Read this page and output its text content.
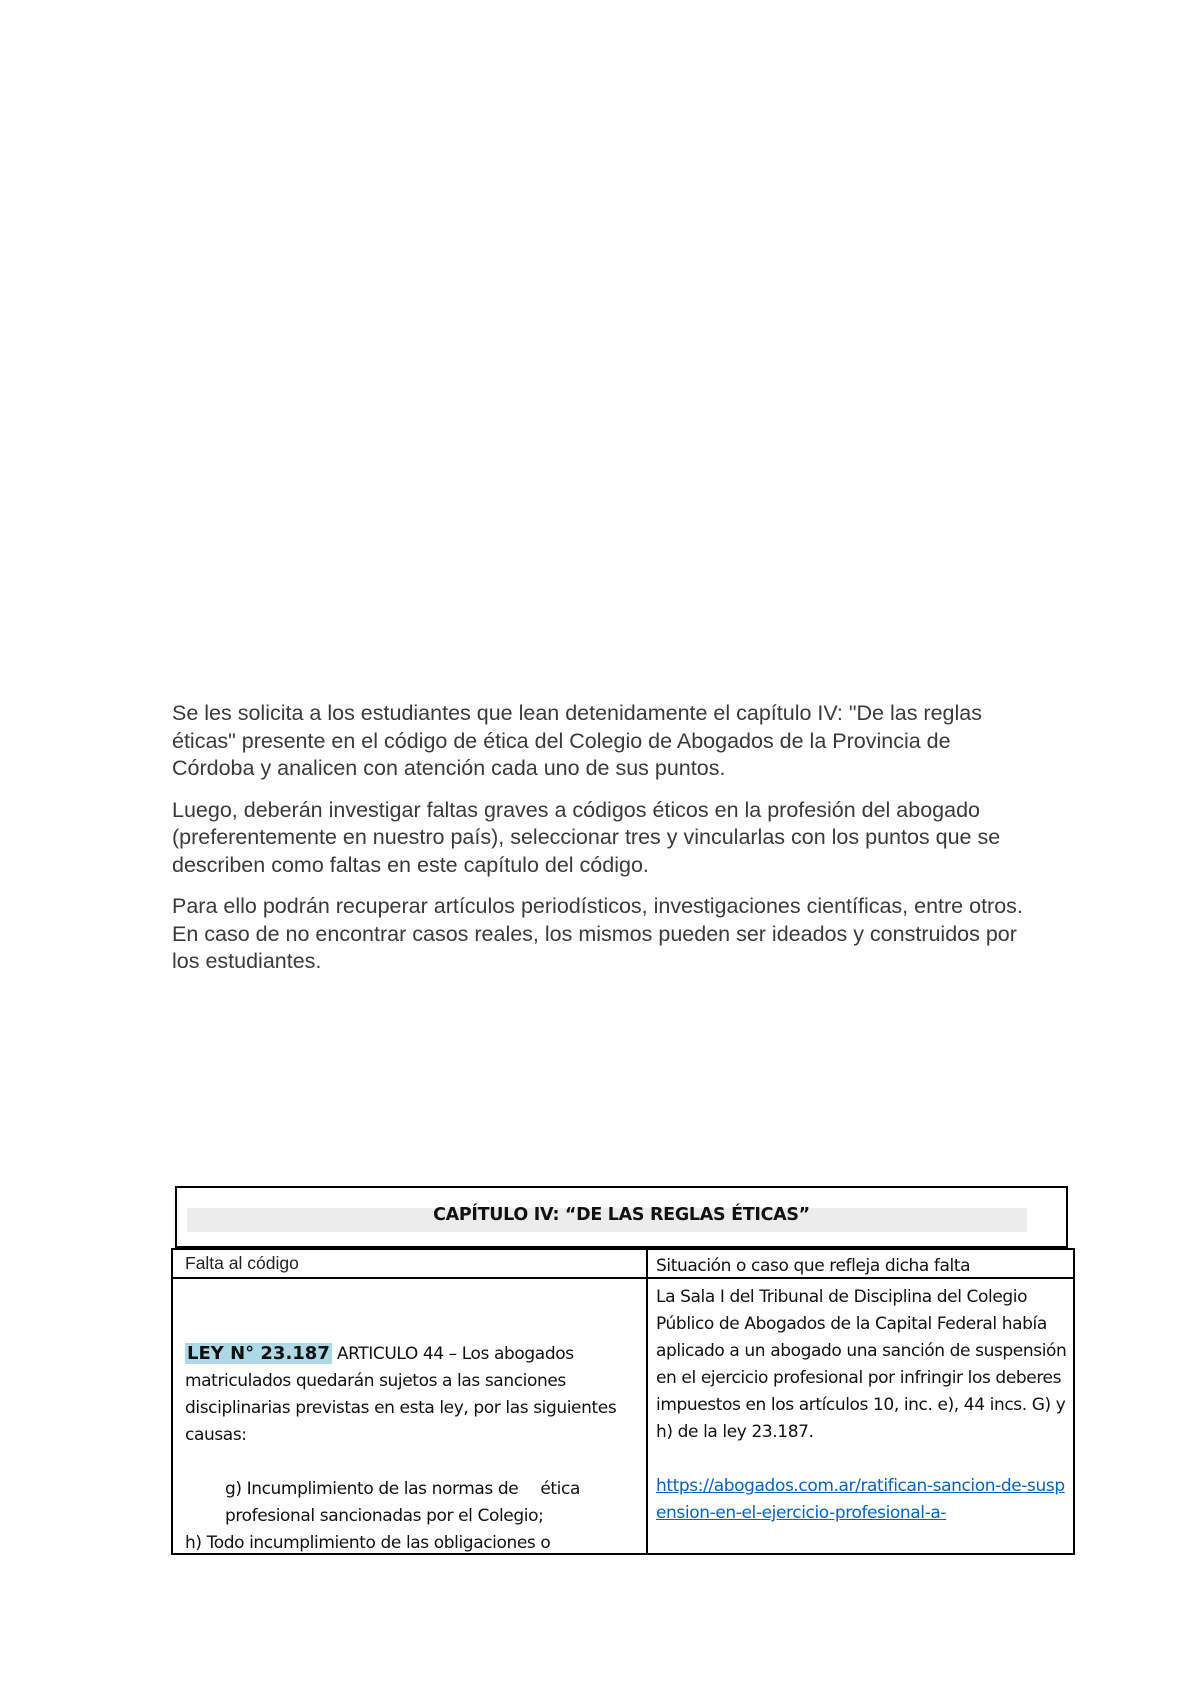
Se les solicita a los estudiantes que lean detenidamente el capítulo IV: "De las reglas éticas" presente en el código de ética del Colegio de Abogados de la Provincia de Córdoba y analicen con atención cada uno de sus puntos.

Luego, deberán investigar faltas graves a códigos éticos en la profesión del abogado (preferentemente en nuestro país), seleccionar tres y vincularlas con los puntos que se describen como faltas en este capítulo del código.

Para ello podrán recuperar artículos periodísticos, investigaciones científicas, entre otros. En caso de no encontrar casos reales, los mismos pueden ser ideados y construidos por los estudiantes.

CAPÍTULO IV: “DE LAS REGLAS ÉTICAS”
Falta al código	Situación o caso que refleja dicha falta
LEY N° 23.187 ARTICULO 44 – Los abogados matriculados quedarán sujetos a las sanciones disciplinarias previstas en esta ley, por las siguientes causas:
g) Incumplimiento de las normas de ética profesional sancionadas por el Colegio;
h) Todo incumplimiento de las obligaciones o
La Sala I del Tribunal de Disciplina del Colegio Público de Abogados de la Capital Federal había aplicado a un abogado una sanción de suspensión en el ejercicio profesional por infringir los deberes impuestos en los artículos 10, inc. e), 44 incs. G) y h) de la ley 23.187.
https://abogados.com.ar/ratifican-sancion-de-suspension-en-el-ejercicio-profesional-a-
